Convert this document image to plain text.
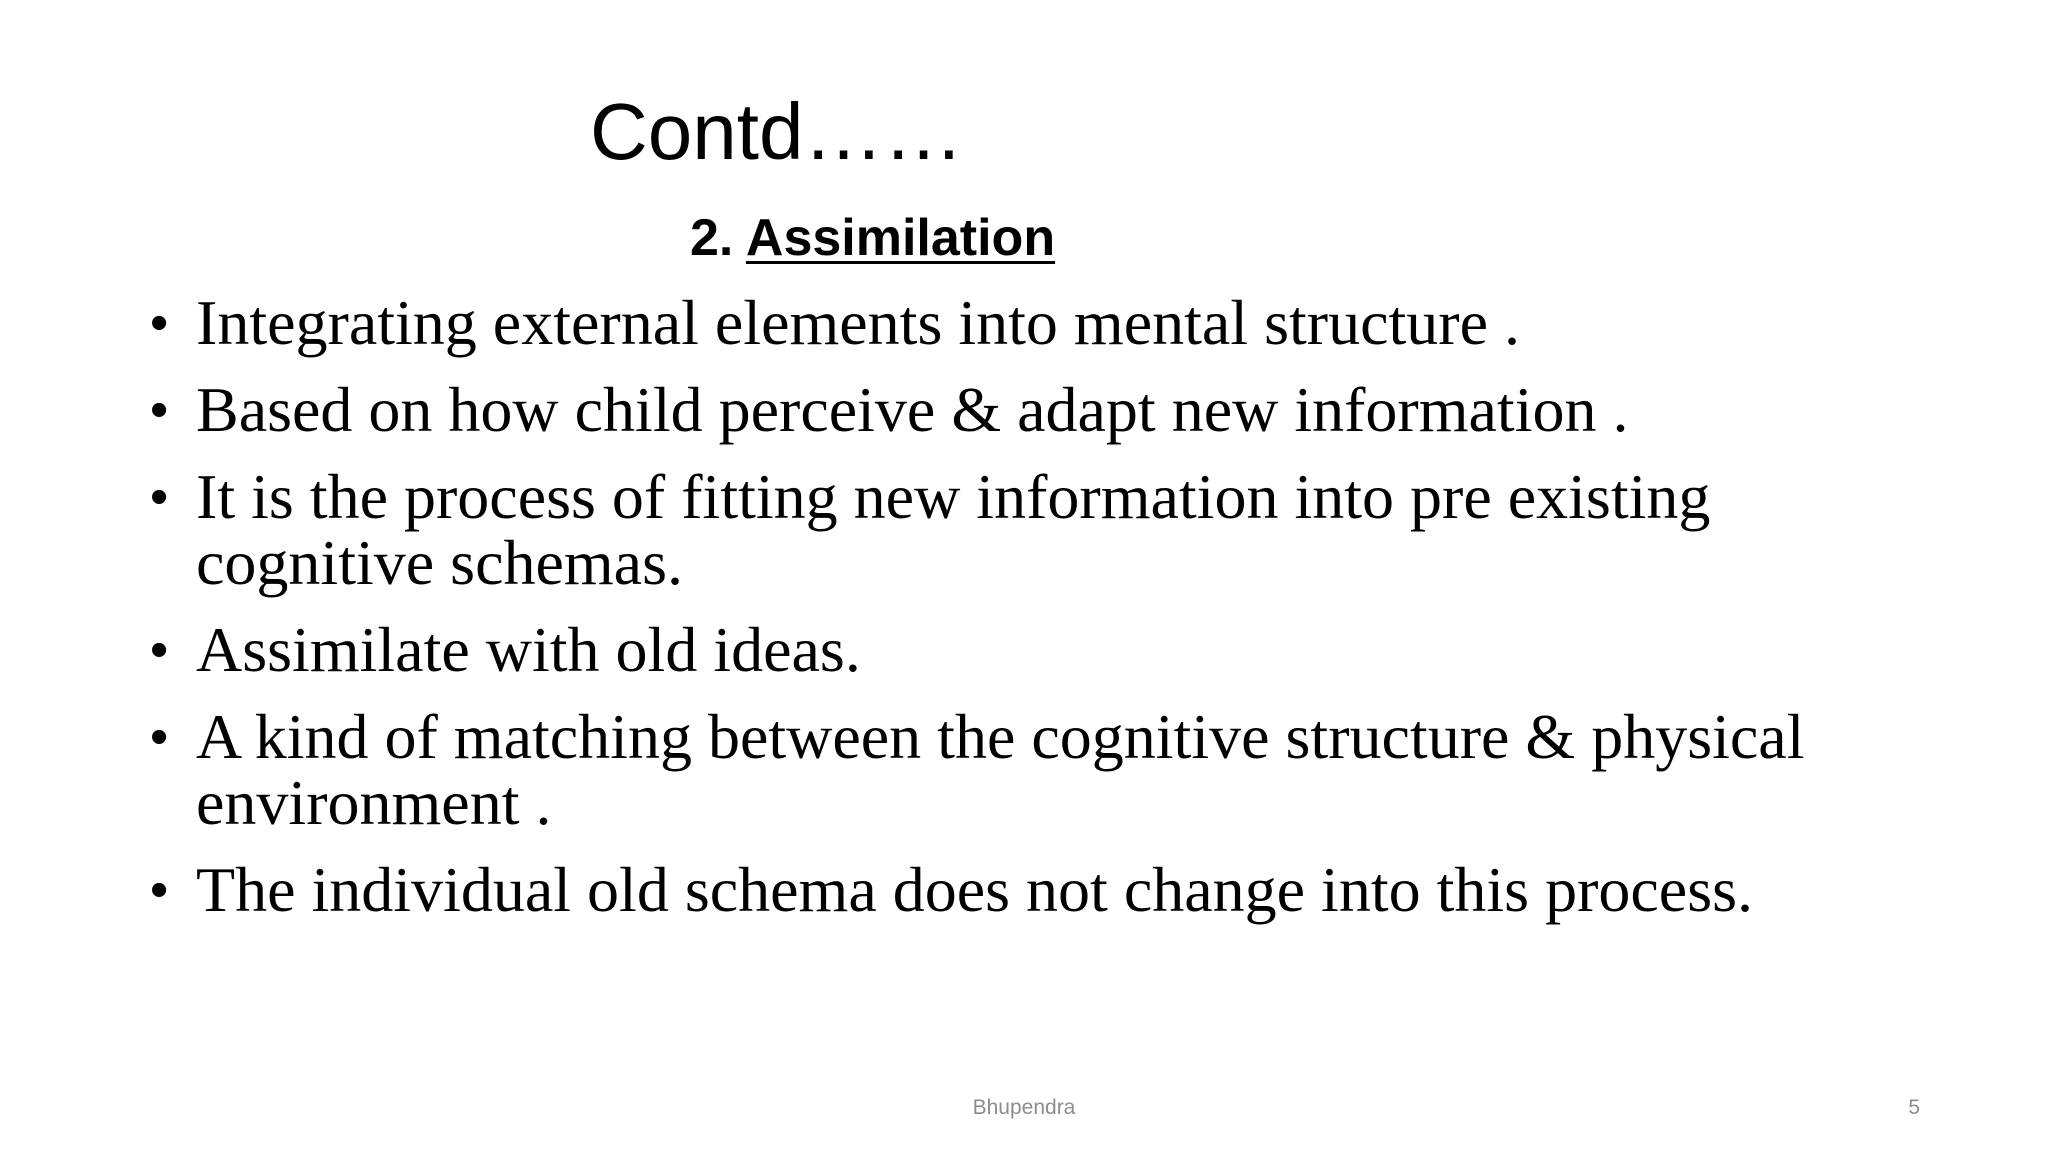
Contd……
2. Assimilation
• Integrating external elements into mental structure .
• Based on how child perceive & adapt new information .
• It is the process of fitting new information into pre existing cognitive schemas.
• Assimilate with old ideas.
• A kind of matching between the cognitive structure & physical environment .
• The individual old schema does not change into this process.
Bhupendra	5
